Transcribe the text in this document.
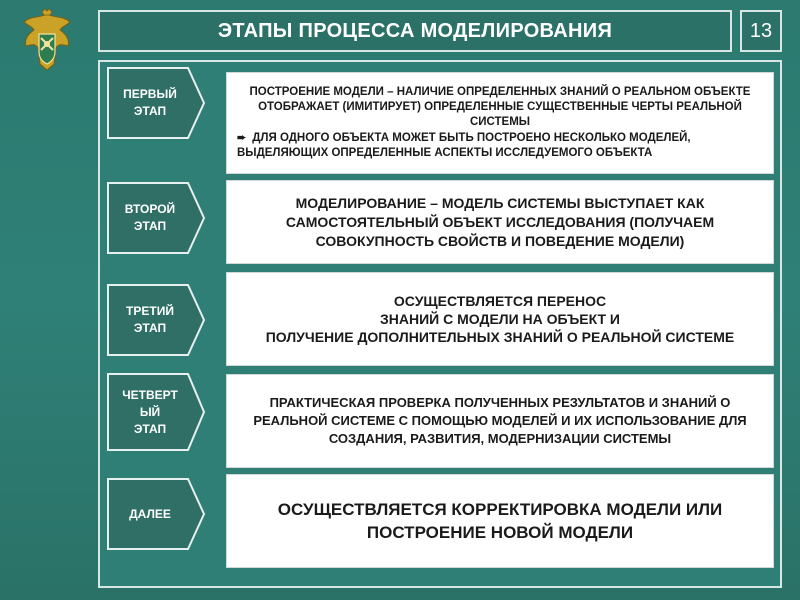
ЭТАПЫ ПРОЦЕССА МОДЕЛИРОВАНИЯ	13
ПЕРВЫЙ
ЭТАП
ВТОРОЙ
ЭТАП
ТРЕТИЙ
ЭТАП
ЧЕТВЕРТ
ЫЙ
ЭТАП
ДАЛЕЕ
ПОСТРОЕНИЕ МОДЕЛИ – НАЛИЧИЕ ОПРЕДЕЛЕННЫХ ЗНАНИЙ О РЕАЛЬНОМ ОБЪЕКТЕ ОТОБРАЖАЕТ (ИМИТИРУЕТ) ОПРЕДЕЛЕННЫЕ СУЩЕСТВЕННЫЕ ЧЕРТЫ РЕАЛЬНОЙ СИСТЕМЫ
➨ ДЛЯ ОДНОГО ОБЪЕКТА МОЖЕТ БЫТЬ ПОСТРОЕНО НЕСКОЛЬКО МОДЕЛЕЙ, ВЫДЕЛЯЮЩИХ ОПРЕДЕЛЕННЫЕ АСПЕКТЫ ИССЛЕДУЕМОГО ОБЪЕКТА
МОДЕЛИРОВАНИЕ – МОДЕЛЬ СИСТЕМЫ ВЫСТУПАЕТ КАК САМОСТОЯТЕЛЬНЫЙ ОБЪЕКТ ИССЛЕДОВАНИЯ (ПОЛУЧАЕМ СОВОКУПНОСТЬ СВОЙСТВ И ПОВЕДЕНИЕ МОДЕЛИ)
ОСУЩЕСТВЛЯЕТСЯ ПЕРЕНОС
ЗНАНИЙ С МОДЕЛИ НА ОБЪЕКТ И
ПОЛУЧЕНИЕ ДОПОЛНИТЕЛЬНЫХ ЗНАНИЙ О РЕАЛЬНОЙ СИСТЕМЕ
ПРАКТИЧЕСКАЯ ПРОВЕРКА ПОЛУЧЕННЫХ РЕЗУЛЬТАТОВ И ЗНАНИЙ О РЕАЛЬНОЙ СИСТЕМЕ С ПОМОЩЬЮ МОДЕЛЕЙ И ИХ ИСПОЛЬЗОВАНИЕ ДЛЯ СОЗДАНИЯ, РАЗВИТИЯ, МОДЕРНИЗАЦИИ СИСТЕМЫ
ОСУЩЕСТВЛЯЕТСЯ КОРРЕКТИРОВКА МОДЕЛИ ИЛИ ПОСТРОЕНИЕ НОВОЙ МОДЕЛИ
